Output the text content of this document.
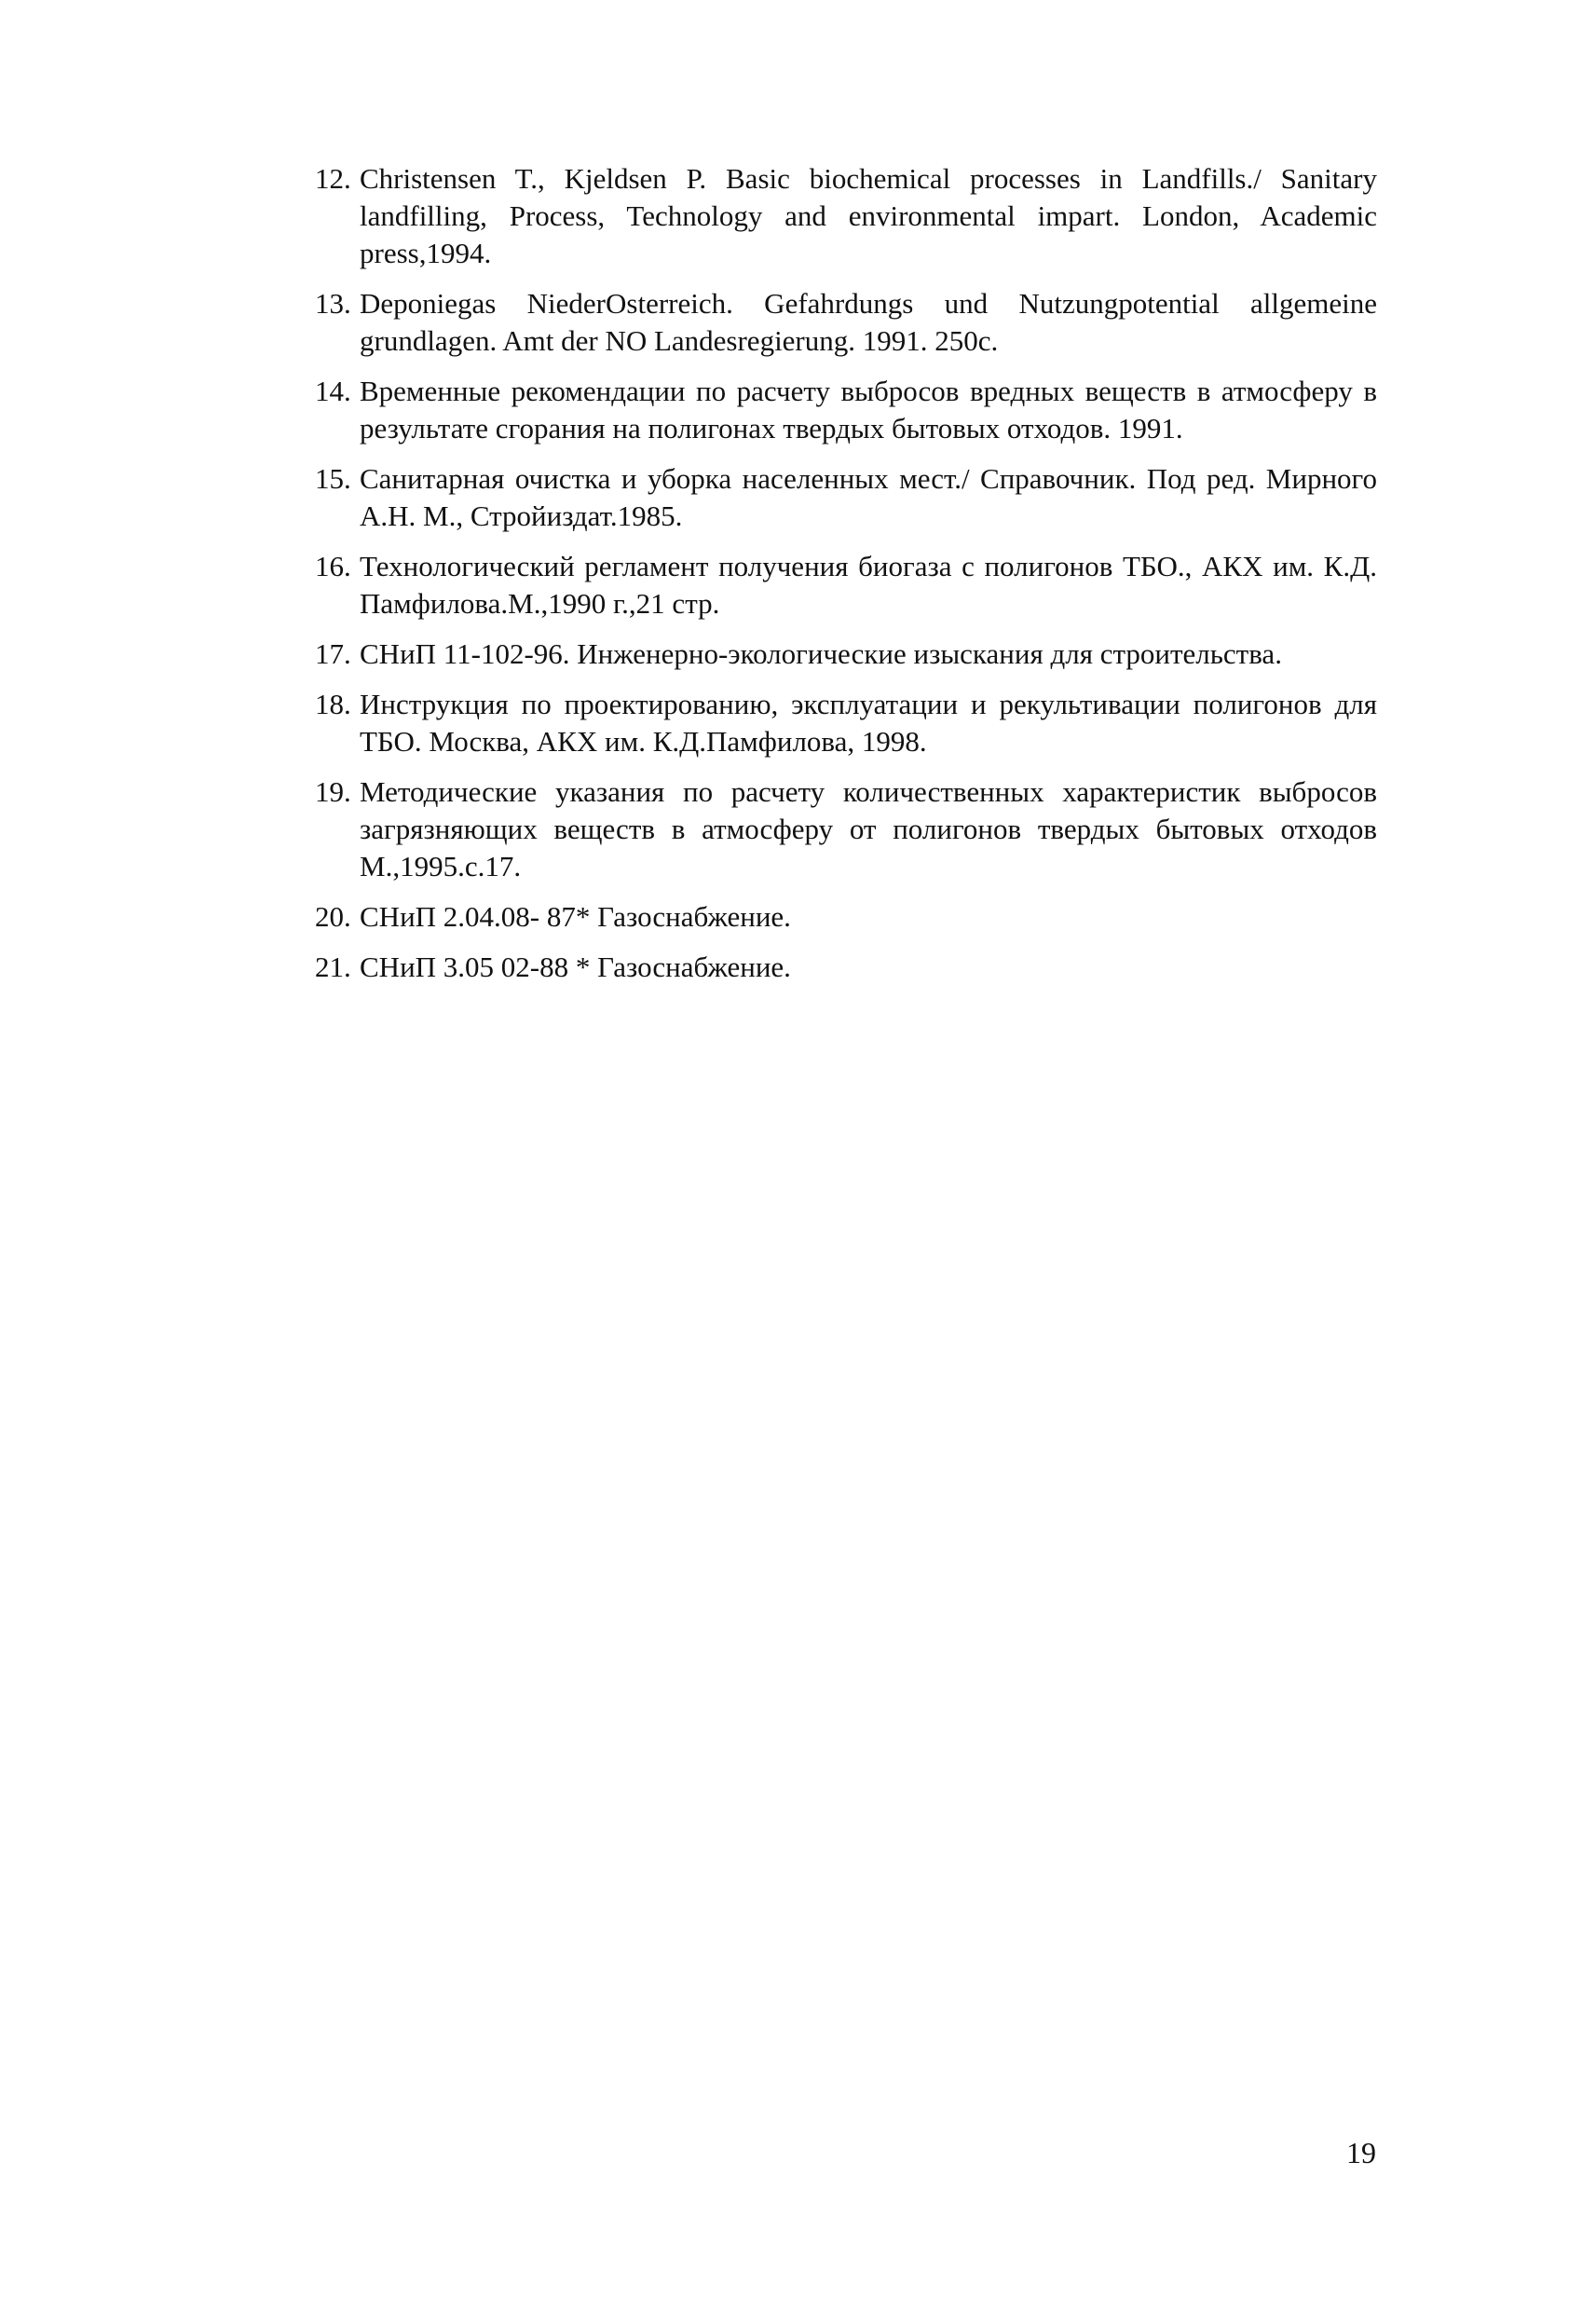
12. Christensen T., Kjeldsen P. Basic biochemical processes in Landfills./ Sanitary landfilling, Process, Technology and environmental impart. London, Academic press,1994.
13. Deponiegas NiederOsterreich. Gefahrdungs und Nutzungpotential allgemeine grundlagen. Amt der NO Landesregierung. 1991. 250c.
14. Временные рекомендации по расчету выбросов вредных веществ в атмосферу в результате сгорания на полигонах твердых бытовых отходов. 1991.
15. Санитарная очистка и уборка населенных мест./ Справочник. Под ред. Мирного А.Н. М., Стройиздат.1985.
16. Технологический регламент получения биогаза с полигонов ТБО., АКХ им. К.Д. Памфилова.М.,1990 г.,21 стр.
17. СНиП 11-102-96. Инженерно-экологические изыскания для строительства.
18. Инструкция по проектированию, эксплуатации и рекультивации полигонов для ТБО. Москва, АКХ им. К.Д.Памфилова, 1998.
19. Методические указания по расчету количественных характеристик выбросов загрязняющих веществ в атмосферу от полигонов твердых бытовых отходов М.,1995.с.17.
20. СНиП 2.04.08- 87* Газоснабжение.
21. СНиП 3.05 02-88 * Газоснабжение.
19
